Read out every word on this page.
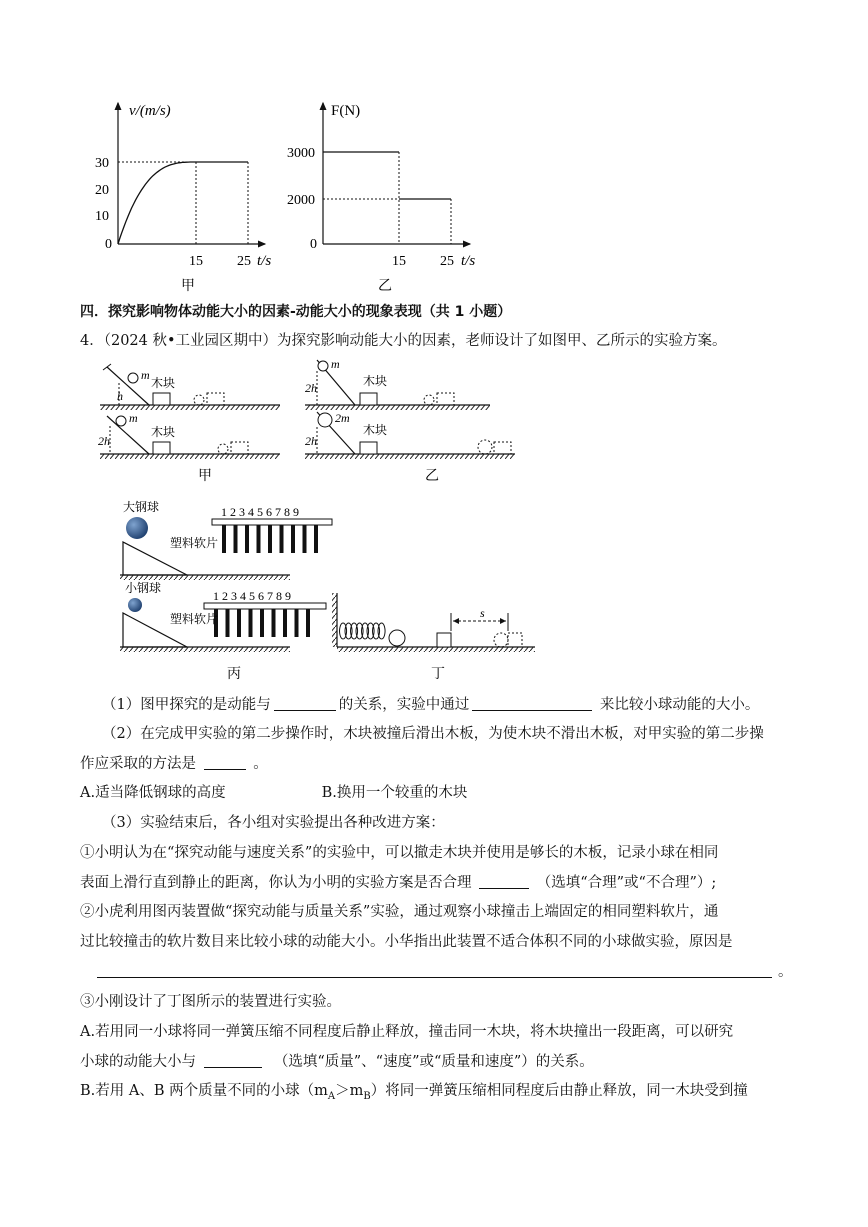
v/(m/s)
30
20
10
0
15 25 t/s
甲
F(N)
3000
2000
0
15 25 t/s
乙
四．探究影响物体动能大小的因素-动能大小的现象表现（共 1 小题）
4．（2024 秋•工业园区期中）为探究影响动能大小的因素，老师设计了如图甲、乙所示的实验方案。
m
木块
h
m
木块
2h
甲
m
木块
2h
2m
木块
2h
乙
大钢球	1 2 3 4 5 6 7 8 9
塑料软片
小钢球
1 2 3 4 5 6 7 8 9
塑料软片
丙
s
丁
（1）图甲探究的是动能与	的关系，实验中通过	来比较小球动能的大小。
（2）在完成甲实验的第二步操作时，木块被撞后滑出木板，为使木块不滑出木板，对甲实验的第二步操
作应采取的方法是	。
A.适当降低钢球的高度	B.换用一个较重的木块
（3）实验结束后，各小组对实验提出各种改进方案：
①小明认为在“探究动能与速度关系”的实验中，可以撤走木块并使用是够长的木板，记录小球在相同
表面上滑行直到静止的距离，你认为小明的实验方案是否合理	（选填“合理”或“不合理”）;
②小虎利用图丙装置做“探究动能与质量关系”实验，通过观察小球撞击上端固定的相同塑料软片，通
过比较撞击的软片数目来比较小球的动能大小。小华指出此装置不适合体积不同的小球做实验，原因是
。
③小刚设计了丁图所示的装置进行实验。
A.若用同一小球将同一弹簧压缩不同程度后静止释放，撞击同一木块，将木块撞出一段距离，可以研究
小球的动能大小与	（选填“质量”、“速度”或“质量和速度”）的关系。
B.若用 A、B 两个质量不同的小球$(m_A>m_B)$将同一弹簧压缩相同程度后由静止释放，同一木块受到撞
